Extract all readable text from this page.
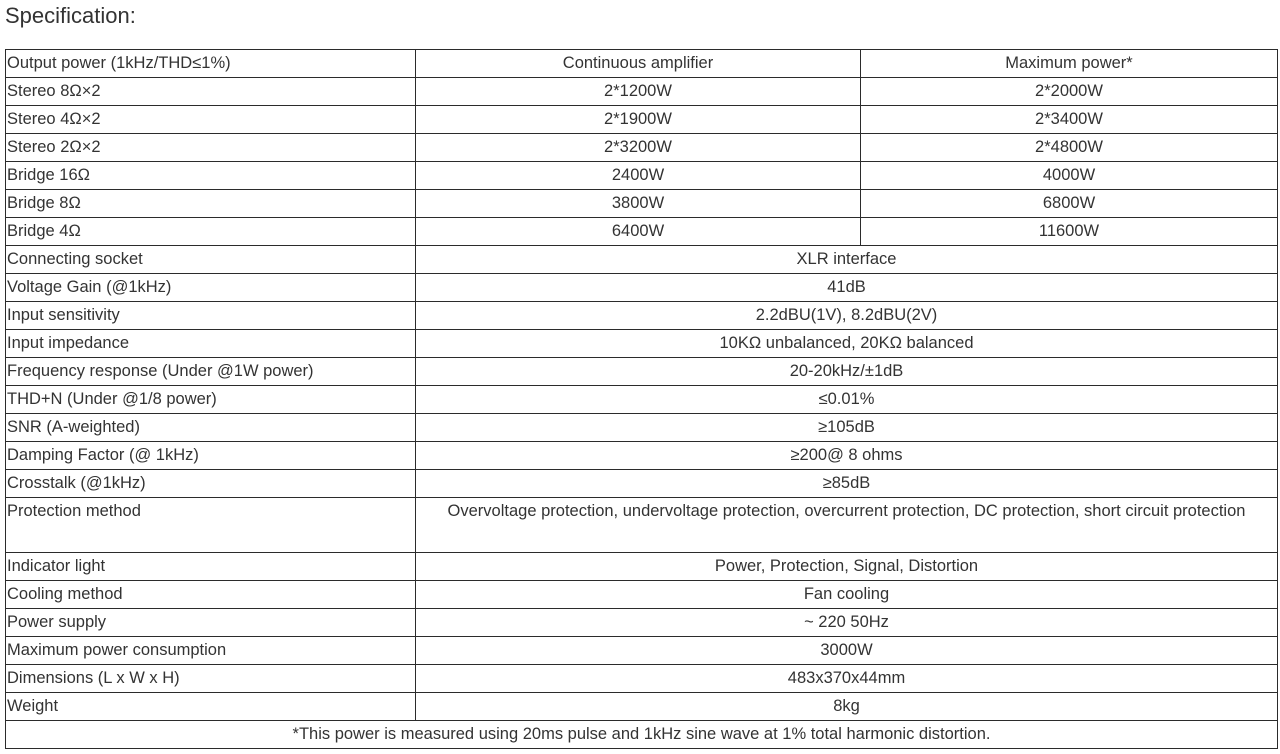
Specification:
Output power (1kHz/THD≤1%)	Continuous amplifier	Maximum power*
Stereo 8Ω×2	2*1200W	2*2000W
Stereo 4Ω×2	2*1900W	2*3400W
Stereo 2Ω×2	2*3200W	2*4800W
Bridge 16Ω	2400W	4000W
Bridge 8Ω	3800W	6800W
Bridge 4Ω	6400W	11600W
Connecting socket	XLR interface	
Voltage Gain (@1kHz)	41dB	
Input sensitivity	2.2dBU(1V), 8.2dBU(2V)	
Input impedance	10KΩ unbalanced, 20KΩ balanced	
Frequency response (Under @1W power)	20-20kHz/±1dB	
THD+N (Under @1/8 power)	≤0.01%	
SNR (A-weighted)	≥105dB	
Damping Factor (@ 1kHz)	≥200@ 8 ohms	
Crosstalk (@1kHz)	≥85dB	
Protection method	Overvoltage protection, undervoltage protection, overcurrent protection, DC protection, short circuit protection	
Indicator light	Power, Protection, Signal, Distortion	
Cooling method	Fan cooling	
Power supply	~ 220 50Hz	
Maximum power consumption	3000W	
Dimensions (L x W x H)	483x370x44mm	
Weight	8kg	
*This power is measured using 20ms pulse and 1kHz sine wave at 1% total harmonic distortion.		
